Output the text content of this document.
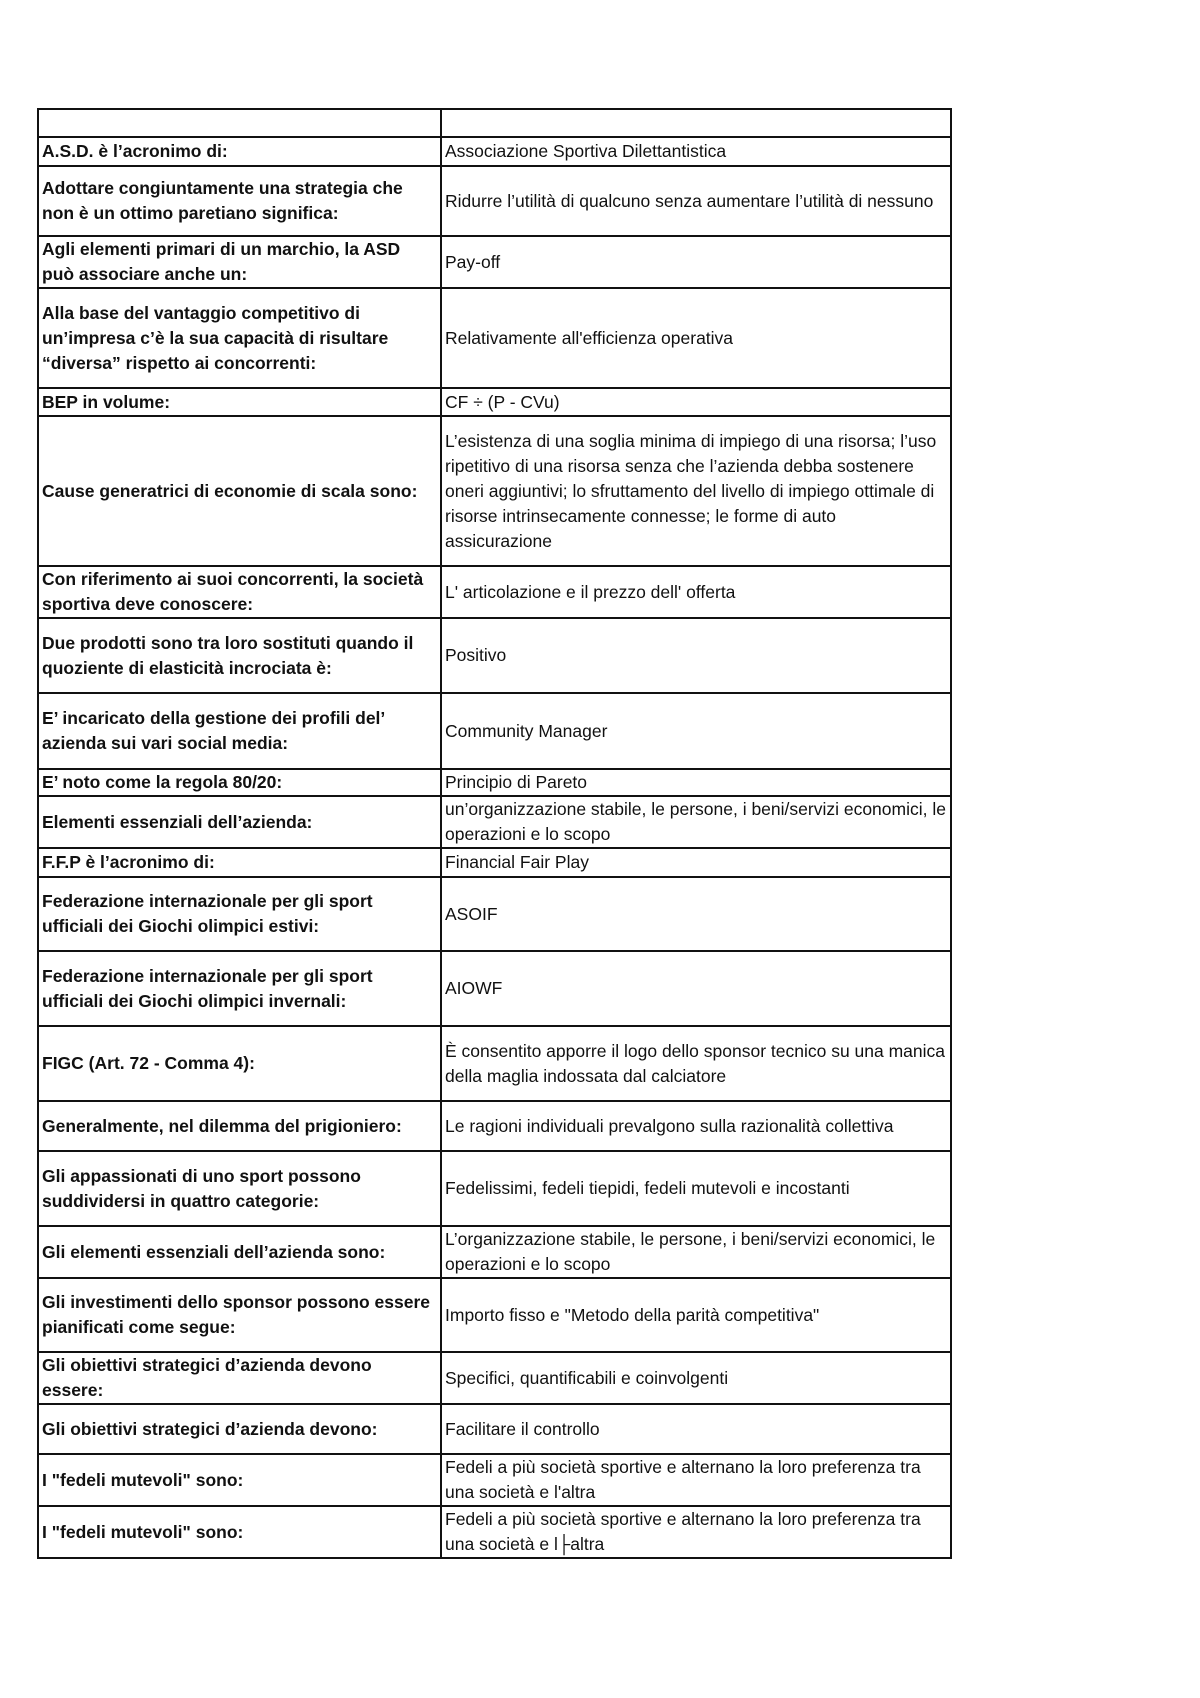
A.S.D. è l’acronimo di:	Associazione Sportiva Dilettantistica
Adottare congiuntamente una strategia che non è un ottimo paretiano significa:	Ridurre l’utilità di qualcuno senza aumentare l’utilità di nessuno
Agli elementi primari di un marchio, la ASD può associare anche un:	Pay-off
Alla base del vantaggio competitivo di un’impresa c’è la sua capacità di risultare “diversa” rispetto ai concorrenti:	Relativamente all'efficienza operativa
BEP in volume:	CF ÷ (P - CVu)
Cause generatrici di economie di scala sono:	L’esistenza di una soglia minima di impiego di una risorsa; l’uso ripetitivo di una risorsa senza che l’azienda debba sostenere oneri aggiuntivi; lo sfruttamento del livello di impiego ottimale di risorse intrinsecamente connesse; le forme di auto assicurazione
Con riferimento ai suoi concorrenti, la società sportiva deve conoscere:	L' articolazione e il prezzo dell' offerta
Due prodotti sono tra loro sostituti quando il quoziente di elasticità incrociata è:	Positivo
E’ incaricato della gestione dei profili del’ azienda sui vari social media:	Community Manager
E’ noto come la regola 80/20:	Principio di Pareto
Elementi essenziali dell’azienda:	un’organizzazione stabile, le persone, i beni/servizi economici, le operazioni e lo scopo
F.F.P è l’acronimo di:	Financial Fair Play
Federazione internazionale per gli sport ufficiali dei Giochi olimpici estivi:	ASOIF
Federazione internazionale per gli sport ufficiali dei Giochi olimpici invernali:	AIOWF
FIGC (Art. 72 - Comma 4):	È consentito apporre il logo dello sponsor tecnico su una manica della maglia indossata dal calciatore
Generalmente, nel dilemma del prigioniero:	Le ragioni individuali prevalgono sulla razionalità collettiva
Gli appassionati di uno sport possono suddividersi in quattro categorie:	Fedelissimi, fedeli tiepidi, fedeli mutevoli e incostanti
Gli elementi essenziali dell’azienda sono:	L’organizzazione stabile, le persone, i beni/servizi economici, le operazioni e lo scopo
Gli investimenti dello sponsor possono essere pianificati come segue:	Importo fisso e "Metodo della parità competitiva"
Gli obiettivi strategici d’azienda devono essere:	Specifici, quantificabili e coinvolgenti
Gli obiettivi strategici d’azienda devono:	Facilitare il controllo
I "fedeli mutevoli" sono:	Fedeli a più società sportive e alternano la loro preferenza tra una società e l'altra
I "fedeli mutevoli" sono:	Fedeli a più società sportive e alternano la loro preferenza tra una società e l├altra
